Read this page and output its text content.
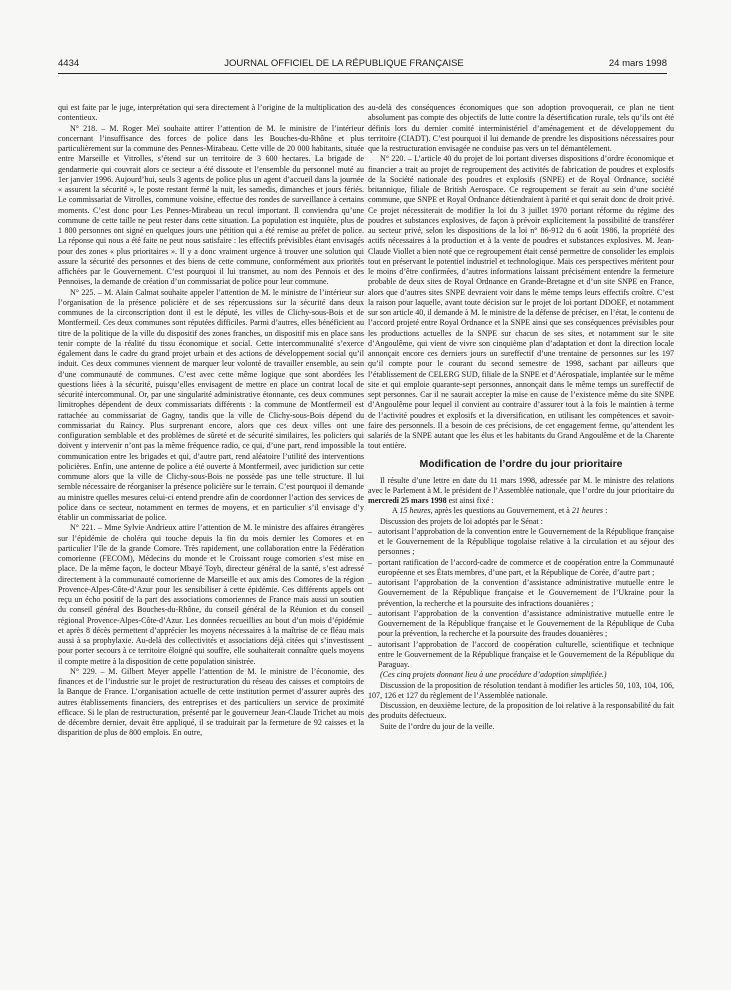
4434	JOURNAL OFFICIEL DE LA RÉPUBLIQUE FRANÇAISE	24 mars 1998

qui est faite par le juge, interprétation qui sera directement à l’origine de la multiplication des contentieux.

N° 218. – M. Roger Meï souhaite attirer l’attention de M. le ministre de l’intérieur concernant l’insuffisance des forces de police dans les Bouches-du-Rhône et plus particulièrement sur la commune des Pennes-Mirabeau. Cette ville de 20 000 habitants, située entre Marseille et Vitrolles, s’étend sur un territoire de 3 600 hectares. La brigade de gendarmerie qui couvrait alors ce secteur a été dissoute et l’ensemble du personnel muté au 1er janvier 1996. Aujourd’hui, seuls 3 agents de police plus un agent d’accueil dans la journée « assurent la sécurité », le poste restant fermé la nuit, les samedis, dimanches et jours fériés. Le commissariat de Vitrolles, commune voisine, effectue des rondes de surveillance à certains moments. C’est donc pour Les Pennes-Mirabeau un recul important. Il conviendra qu’une commune de cette taille ne peut rester dans cette situation. La population est inquiète, plus de 1 800 personnes ont signé en quelques jours une pétition qui a été remise au préfet de police. La réponse qui nous a été faite ne peut nous satisfaire : les effectifs prévisibles étant envisagés pour des zones « plus prioritaires ». Il y a donc vraiment urgence à trouver une solution qui assure la sécurité des personnes et des biens de cette commune, conformément aux priorités affichées par le Gouvernement. C’est pourquoi il lui transmet, au nom des Pennois et des Pennoises, la demande de création d’un commissariat de police pour leur commune.

N° 225. – M. Alain Calmat souhaite appeler l’attention de M. le ministre de l’intérieur sur l’organisation de la présence policière et de ses répercussions sur la sécurité dans deux communes de la circonscription dont il est le député, les villes de Clichy-sous-Bois et de Montfermeil. Ces deux communes sont réputées difficiles. Parmi d’autres, elles bénéficient au titre de la politique de la ville du dispositif des zones franches, un dispositif mis en place sans tenir compte de la réalité du tissu économique et social. Cette intercommunalité s’exerce également dans le cadre du grand projet urbain et des actions de développement social qu’il induit. Ces deux communes viennent de marquer leur volonté de travailler ensemble, au sein d’une communauté de communes. C’est avec cette même logique que sont abordées les questions liées à la sécurité, puisqu’elles envisagent de mettre en place un contrat local de sécurité intercommunal. Or, par une singularité administrative étonnante, ces deux communes limitrophes dépendent de deux commissariats différents : la commune de Montfermeil est rattachée au commissariat de Gagny, tandis que la ville de Clichy-sous-Bois dépend du commissariat du Raincy. Plus surprenant encore, alors que ces deux villes ont une configuration semblable et des problèmes de sûreté et de sécurité similaires, les policiers qui doivent y intervenir n’ont pas la même fréquence radio, ce qui, d’une part, rend impossible la communication entre les brigades et qui, d’autre part, rend aléatoire l’utilité des interventions policières. Enfin, une antenne de police a été ouverte à Montfermeil, avec juridiction sur cette commune alors que la ville de Clichy-sous-Bois ne possède pas une telle structure. Il lui semble nécessaire de réorganiser la présence policière sur le terrain. C’est pourquoi il demande au ministre quelles mesures celui-ci entend prendre afin de coordonner l’action des services de police dans ce secteur, notamment en termes de moyens, et en particulier s’il envisage d’y établir un commissariat de police.

N° 221. – Mme Sylvie Andrieux attire l’attention de M. le ministre des affaires étrangères sur l’épidémie de choléra qui touche depuis la fin du mois dernier les Comores et en particulier l’île de la grande Comore. Très rapidement, une collaboration entre la Fédération comorienne (FECOM), Médecins du monde et le Croissant rouge comorien s’est mise en place. De la même façon, le docteur Mbayé Toyb, directeur général de la santé, s’est adressé directement à la communauté comorienne de Marseille et aux amis des Comores de la région Provence-Alpes-Côte-d’Azur pour les sensibiliser à cette épidémie. Ces différents appels ont reçu un écho positif de la part des associations comoriennes de France mais aussi un soutien du conseil général des Bouches-du-Rhône, du conseil général de la Réunion et du conseil régional Provence-Alpes-Côte-d’Azur. Les données recueillies au bout d’un mois d’épidémie et après 8 décès permettent d’apprécier les moyens nécessaires à la maîtrise de ce fléau mais aussi à sa prophylaxie. Au-delà des collectivités et associations déjà citées qui s’investissent pour porter secours à ce territoire éloigné qui souffre, elle souhaiterait connaître quels moyens il compte mettre à la disposition de cette population sinistrée.

N° 229. – M. Gilbert Meyer appelle l’attention de M. le ministre de l’économie, des finances et de l’industrie sur le projet de restructuration du réseau des caisses et comptoirs de la Banque de France. L’organisation actuelle de cette institution permet d’assurer auprès des autres établissements financiers, des entreprises et des particuliers un service de proximité efficace. Si le plan de restructuration, présenté par le gouverneur Jean-Claude Trichet au mois de décembre dernier, devait être appliqué, il se traduirait par la fermeture de 92 caisses et la disparition de plus de 800 emplois. En outre,

au-delà des conséquences économiques que son adoption provoquerait, ce plan ne tient absolument pas compte des objectifs de lutte contre la désertification rurale, tels qu’ils ont été définis lors du dernier comité interministériel d’aménagement et de développement du territoire (CIADT). C’est pourquoi il lui demande de prendre les dispositions nécessaires pour que la restructuration envisagée ne conduise pas vers un tel démantèlement.

N° 220. – L’article 40 du projet de loi portant diverses dispositions d’ordre économique et financier a trait au projet de regroupement des activités de fabrication de poudres et explosifs de la Société nationale des poudres et explosifs (SNPE) et de Royal Ordnance, société britannique, filiale de British Aerospace. Ce regroupement se ferait au sein d’une société commune, que SNPE et Royal Ordnance détiendraient à parité et qui serait donc de droit privé. Ce projet nécessiterait de modifier la loi du 3 juillet 1970 portant réforme du régime des poudres et substances explosives, de façon à prévoir explicitement la possibilité de transférer au secteur privé, selon les dispositions de la loi n° 86-912 du 6 août 1986, la propriété des actifs nécessaires à la production et à la vente de poudres et substances explosives. M. Jean-Claude Viollet a bien noté que ce regroupement était censé permettre de consolider les emplois tout en préservant le potentiel industriel et technologique. Mais ces perspectives méritent pour le moins d’être confirmées, d’autres informations laissant précisément entendre la fermeture probable de deux sites de Royal Ordnance en Grande-Bretagne et d’un site SNPE en France, alors que d’autres sites SNPE devraient voir dans le même temps leurs effectifs croître. C’est la raison pour laquelle, avant toute décision sur le projet de loi portant DDOEF, et notamment sur son article 40, il demande à M. le ministre de la défense de préciser, en l’état, le contenu de l’accord projeté entre Royal Ordnance et la SNPE ainsi que ses conséquences prévisibles pour les productions actuelles de la SNPE sur chacun de ses sites, et notamment sur le site d’Angoulême, qui vient de vivre son cinquième plan d’adaptation et dont la direction locale annonçait encore ces derniers jours un sureffectif d’une trentaine de personnes sur les 197 qu’il compte pour le courant du second semestre de 1998, sachant par ailleurs que l’établissement de CELERG SUD, filiale de la SNPE et d’Aérospatiale, implantée sur le même site et qui emploie quarante-sept personnes, annonçait dans le même temps un sureffectif de sept personnes. Car il ne saurait accepter la mise en cause de l’existence même du site SNPE d’Angoulême pour lequel il convient au contraire d’assurer tout à la fois le maintien à terme de l’activité poudres et explosifs et la diversification, en utilisant les compétences et savoir-faire des personnels. Il a besoin de ces précisions, de cet engagement ferme, qu’attendent les salariés de la SNPE autant que les élus et les habitants du Grand Angoulême et de la Charente tout entière.

Modification de l’ordre du jour prioritaire

Il résulte d’une lettre en date du 11 mars 1998, adressée par M. le ministre des relations avec le Parlement à M. le président de l’Assemblée nationale, que l’ordre du jour prioritaire du mercredi 25 mars 1998 est ainsi fixé :

A 15 heures, après les questions au Gouvernement, et à 21 heures :

Discussion des projets de loi adoptés par le Sénat :

– autorisant l’approbation de la convention entre le Gouvernement de la République française et le Gouvernement de la République togolaise relative à la circulation et au séjour des personnes ;
– portant ratification de l’accord-cadre de commerce et de coopération entre la Communauté européenne et ses États membres, d’une part, et la République de Corée, d’autre part ;
– autorisant l’approbation de la convention d’assistance administrative mutuelle entre le Gouvernement de la République française et le Gouvernement de l’Ukraine pour la prévention, la recherche et la poursuite des infractions douanières ;
– autorisant l’approbation de la convention d’assistance administrative mutuelle entre le Gouvernement de la République française et le Gouvernement de la République de Cuba pour la prévention, la recherche et la poursuite des fraudes douanières ;
– autorisant l’approbation de l’accord de coopération culturelle, scientifique et technique entre le Gouvernement de la République française et le Gouvernement de la République du Paraguay.

(Ces cinq projets donnant lieu à une procédure d’adoption simplifiée.)

Discussion de la proposition de résolution tendant à modifier les articles 50, 103, 104, 106, 107, 126 et 127 du règlement de l’Assemblée nationale.

Discussion, en deuxième lecture, de la proposition de loi relative à la responsabilité du fait des produits défectueux.

Suite de l’ordre du jour de la veille.
